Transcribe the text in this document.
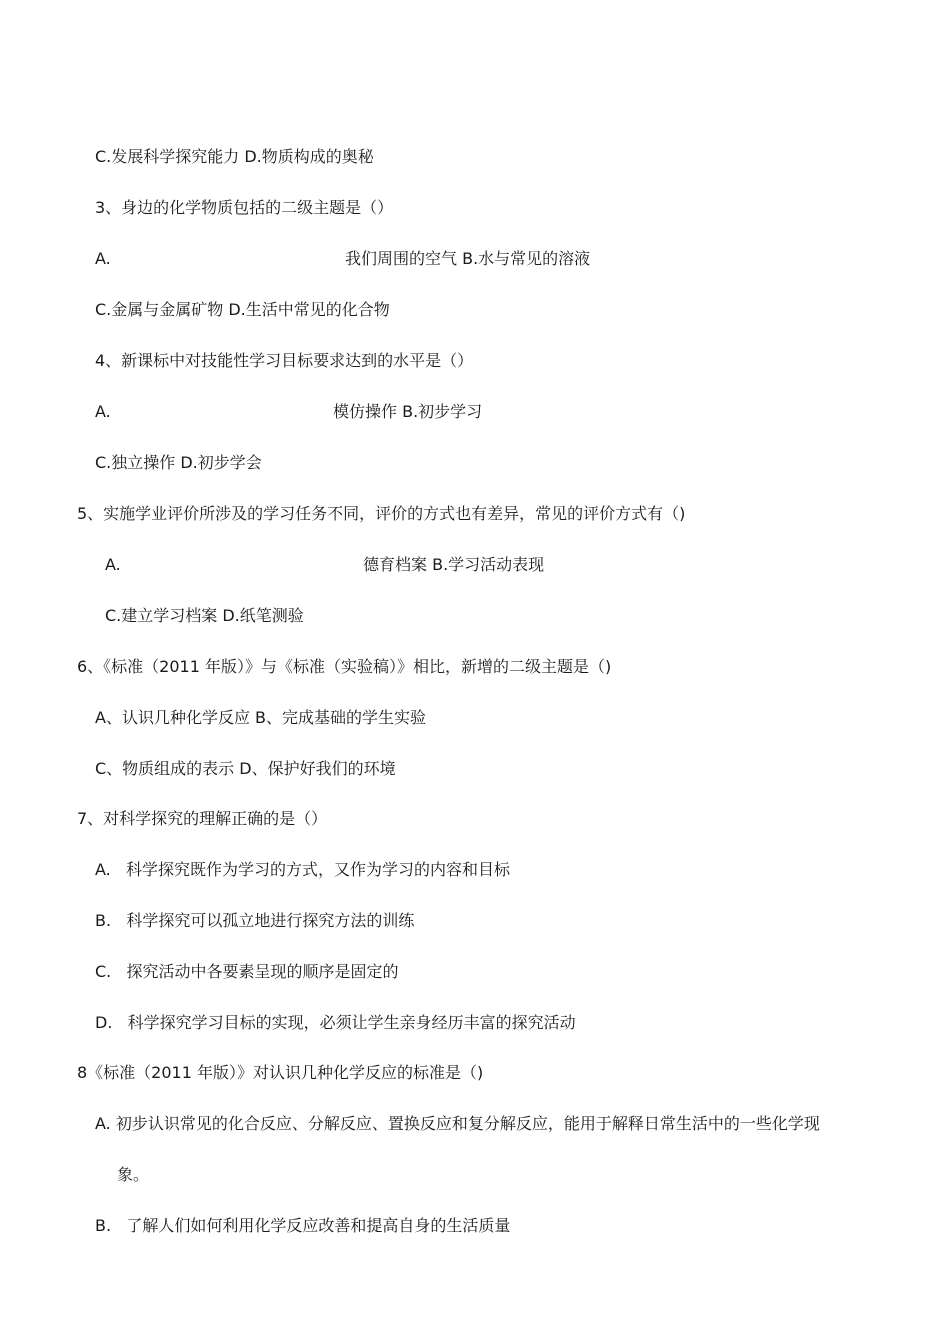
C.发展科学探究能力 D.物质构成的奥秘
3、身边的化学物质包括的二级主题是（）
A.	我们周围的空气 B.水与常见的溶液
C.金属与金属矿物 D.生活中常见的化合物
4、新课标中对技能性学习目标要求达到的水平是（）
A.	模仿操作 B.初步学习
C.独立操作 D.初步学会
5、实施学业评价所涉及的学习任务不同，评价的方式也有差异，常见的评价方式有（)
A.	德育档案 B.学习活动表现
C.建立学习档案 D.纸笔测验
6、《标准（2011 年版）》与《标准（实验稿）》相比，新增的二级主题是（)
A、认识几种化学反应 B、完成基础的学生实验
C、物质组成的表示 D、保护好我们的环境
7、对科学探究的理解正确的是（）
A.   科学探究既作为学习的方式，又作为学习的内容和目标
B.   科学探究可以孤立地进行探究方法的训练
C.   探究活动中各要素呈现的顺序是固定的
D.   科学探究学习目标的实现，必须让学生亲身经历丰富的探究活动
8《标准（2011 年版）》对认识几种化学反应的标准是（)
A. 初步认识常见的化合反应、分解反应、置换反应和复分解反应，能用于解释日常生活中的一些化学现
象。
B.   了解人们如何利用化学反应改善和提高自身的生活质量
